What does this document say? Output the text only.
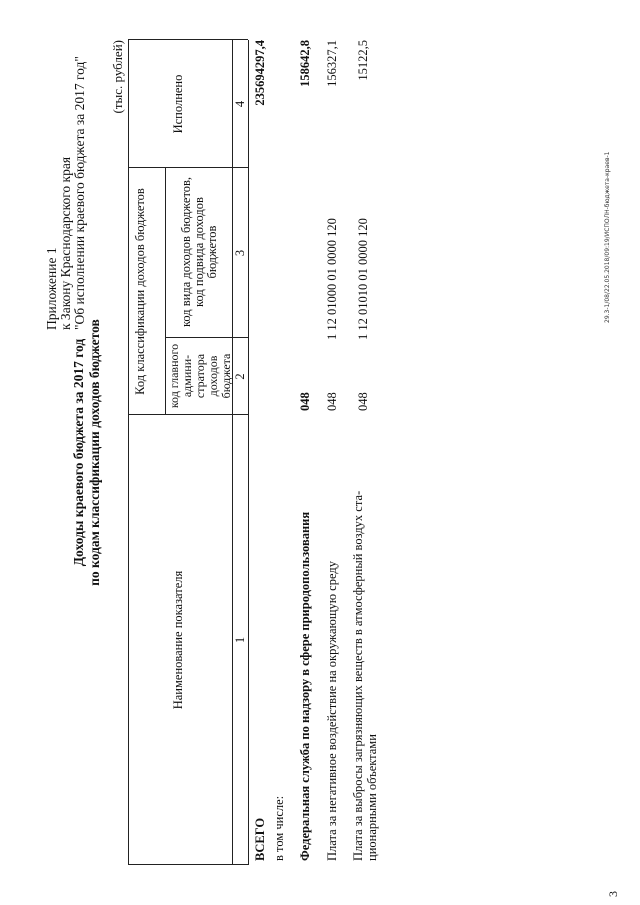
Приложение 1 к Закону Краснодарского края "Об исполнении краевого бюджета за 2017 год"
Доходы краевого бюджета за 2017 год по кодам классификации доходов бюджетов
(тыс. рублей)
Наименование показателя
Код классификации доходов бюджетов код главного админи-стратора доходов бюджета
код вида доходов бюджетов, код подвида доходов бюджетов
Исполнено
1
2
3
4
ВСЕГО
235694297,4
в том числе: Федеральная служба по надзору в сфере природопользования
048
158642,8
Плата за негативное воздействие на окружающую среду
048
1 12 01000 01 0000 120
156327,1
Плата за выбросы загрязняющих веществ в атмосферный воздух ста- ционарными объектами
048
1 12 01010 01 0000 120
15122,5
29.3-1/08/22.05.2018/09:19/ИСПОЛН-бюджета-краев-1
3
